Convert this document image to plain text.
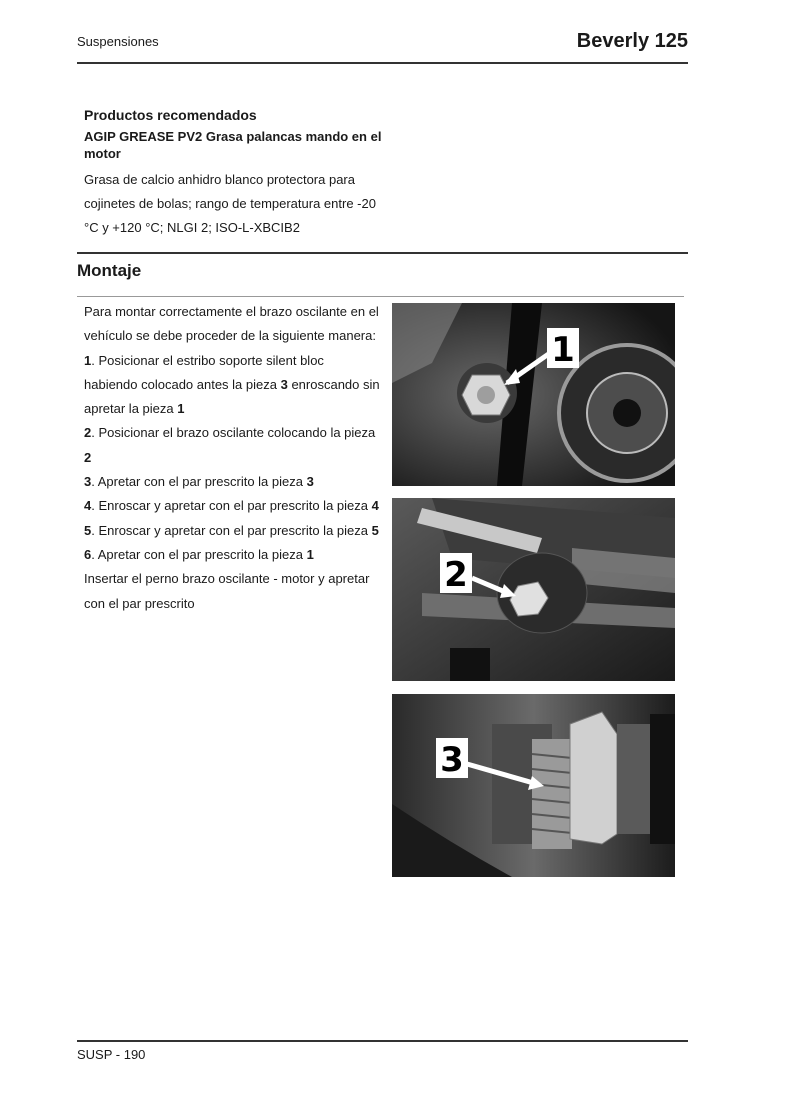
Suspensiones	Beverly 125
Productos recomendados
AGIP GREASE PV2 Grasa palancas mando en el motor
Grasa de calcio anhidro blanco protectora para cojinetes de bolas; rango de temperatura entre -20 °C y +120 °C; NLGI 2; ISO-L-XBCIB2
Montaje

Para montar correctamente el brazo oscilante en el vehículo se debe proceder de la siguiente manera:

1. Posicionar el estribo soporte silent bloc habiendo colocado antes la pieza 3 enroscando sin apretar la pieza 1

2. Posicionar el brazo oscilante colocando la pieza 2

3. Apretar con el par prescrito la pieza 3

4. Enroscar y apretar con el par prescrito la pieza 4

5. Enroscar y apretar con el par prescrito la pieza 5

6. Apretar con el par prescrito la pieza 1

Insertar el perno brazo oscilante - motor y apretar con el par prescrito

1
2
3
SUSP - 190
